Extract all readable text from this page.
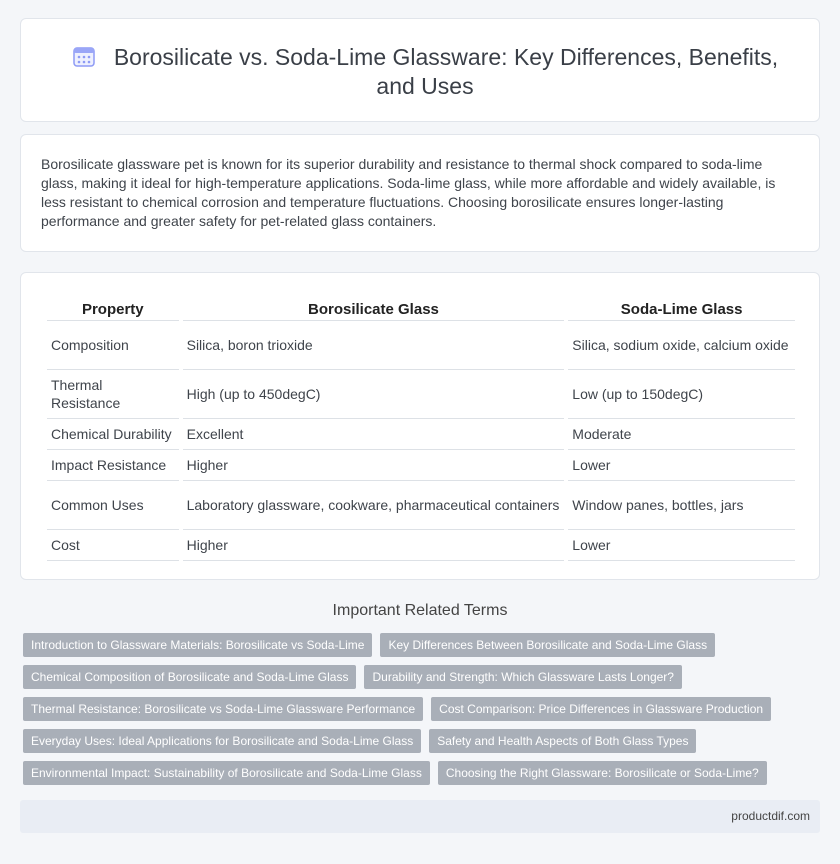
Borosilicate vs. Soda-Lime Glassware: Key Differences, Benefits, and Uses

Borosilicate glassware pet is known for its superior durability and resistance to thermal shock compared to soda-lime glass, making it ideal for high-temperature applications. Soda-lime glass, while more affordable and widely available, is less resistant to chemical corrosion and temperature fluctuations. Choosing borosilicate ensures longer-lasting performance and greater safety for pet-related glass containers.

Property	Borosilicate Glass	Soda-Lime Glass
Composition	Silica, boron trioxide	Silica, sodium oxide, calcium oxide
Thermal Resistance	High (up to 450degC)	Low (up to 150degC)
Chemical Durability	Excellent	Moderate
Impact Resistance	Higher	Lower
Common Uses	Laboratory glassware, cookware, pharmaceutical containers	Window panes, bottles, jars
Cost	Higher	Lower
Important Related Terms
Introduction to Glassware Materials: Borosilicate vs Soda-Lime	Key Differences Between Borosilicate and Soda-Lime Glass
Chemical Composition of Borosilicate and Soda-Lime Glass	Durability and Strength: Which Glassware Lasts Longer?
Thermal Resistance: Borosilicate vs Soda-Lime Glassware Performance	Cost Comparison: Price Differences in Glassware Production
Everyday Uses: Ideal Applications for Borosilicate and Soda-Lime Glass	Safety and Health Aspects of Both Glass Types
Environmental Impact: Sustainability of Borosilicate and Soda-Lime Glass	Choosing the Right Glassware: Borosilicate or Soda-Lime?
productdif.com
